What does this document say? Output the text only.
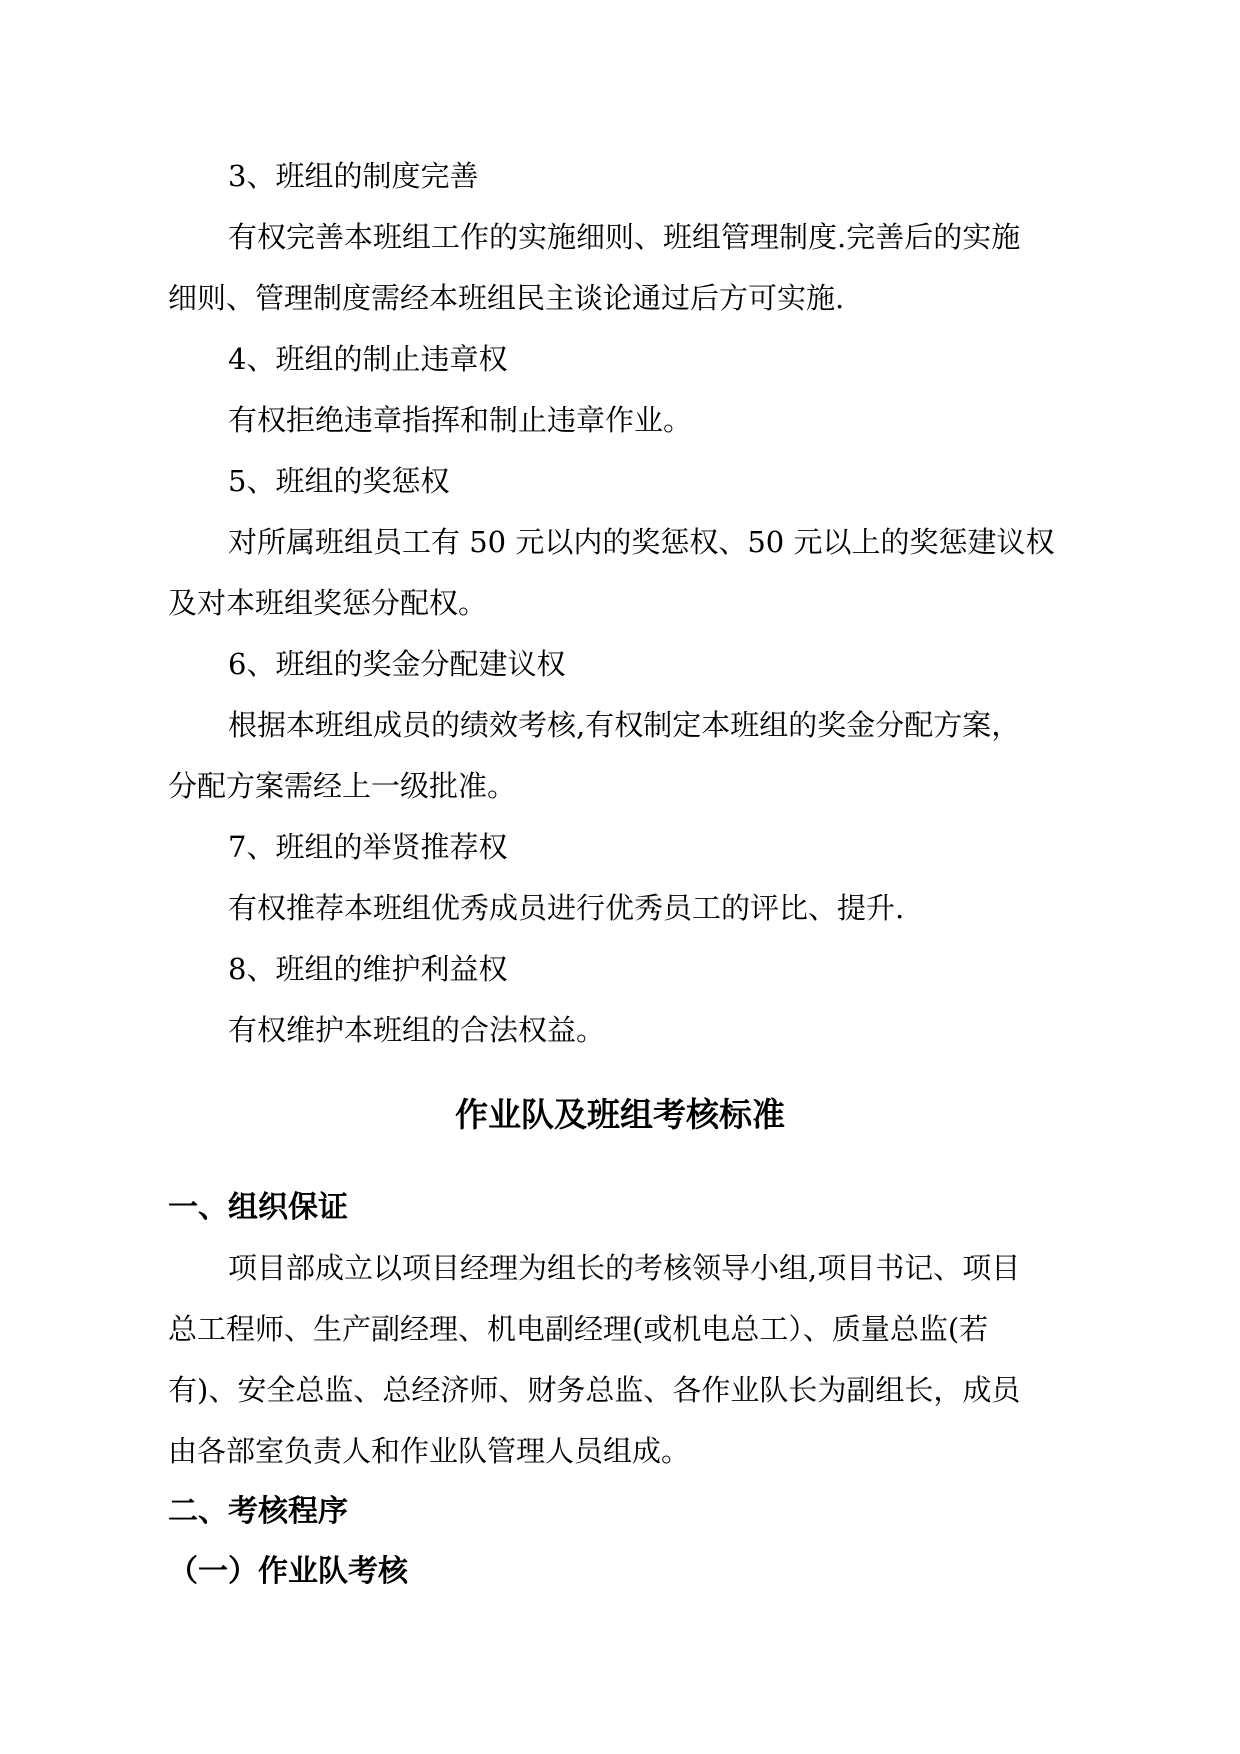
3、班组的制度完善
有权完善本班组工作的实施细则、班组管理制度.完善后的实施
细则、管理制度需经本班组民主谈论通过后方可实施.
4、班组的制止违章权
有权拒绝违章指挥和制止违章作业。
5、班组的奖惩权
对所属班组员工有 50 元以内的奖惩权、50 元以上的奖惩建议权
及对本班组奖惩分配权。
6、班组的奖金分配建议权
根据本班组成员的绩效考核,有权制定本班组的奖金分配方案，
分配方案需经上一级批准。
7、班组的举贤推荐权
有权推荐本班组优秀成员进行优秀员工的评比、提升.
8、班组的维护利益权
有权维护本班组的合法权益。
作业队及班组考核标准
一、组织保证
项目部成立以项目经理为组长的考核领导小组,项目书记、项目
总工程师、生产副经理、机电副经理(或机电总工）、质量总监(若
有)、安全总监、总经济师、财务总监、各作业队长为副组长，成员
由各部室负责人和作业队管理人员组成。
二、考核程序
（一）作业队考核
